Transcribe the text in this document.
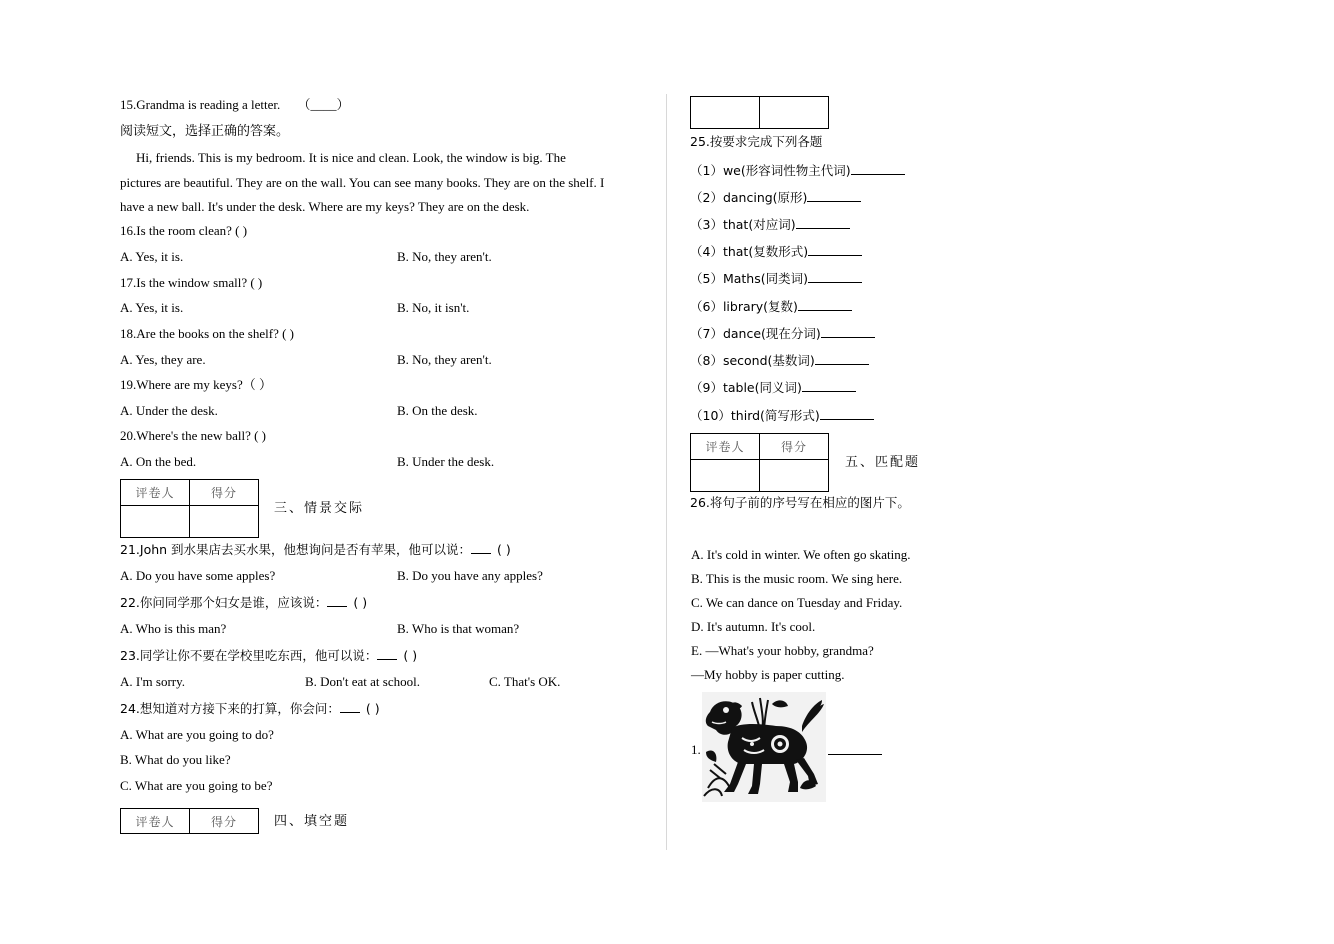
15.Grandma is reading a letter. （____）
阅读短文，选择正确的答案。
Hi, friends. This is my bedroom. It is nice and clean. Look, the window is big. The
pictures are beautiful. They are on the wall. You can see many books. They are on the shelf. I
have a new ball. It's under the desk. Where are my keys? They are on the desk.
16.Is the room clean? ( )
A. Yes, it is.	B. No, they aren't.
17.Is the window small? ( )
A. Yes, it is.	B. No, it isn't.
18.Are the books on the shelf? ( )
A. Yes, they are.	B. No, they aren't.
19.Where are my keys?（ ）
A. Under the desk.	B. On the desk.
20.Where's the new ball? ( )
A. On the bed.	B. Under the desk.
评卷人	得分

三、情景交际
21.John 到水果店去买水果，他想询问是否有苹果，他可以说： ( )
A. Do you have some apples?	B. Do you have any apples?
22.你问同学那个妇女是谁，应该说： ( )
A. Who is this man?	B. Who is that woman?
23.同学让你不要在学校里吃东西，他可以说： ( )
A. I'm sorry.	B. Don't eat at school.	C. That's OK.
24.想知道对方接下来的打算，你会问： ( )
A. What are you going to do?
B. What do you like?
C. What are you going to be?
评卷人	得分	四、填空题

25.按要求完成下列各题
（1）we(形容词性物主代词)
（2）dancing(原形)
（3）that(对应词)
（4）that(复数形式)
（5）Maths(同类词)
（6）library(复数)
（7）dance(现在分词)
（8）second(基数词)
（9）table(同义词)
（10）third(简写形式)
评卷人	得分

五、匹配题
26.将句子前的序号写在相应的图片下。
A. It's cold in winter. We often go skating.
B. This is the music room. We sing here.
C. We can dance on Tuesday and Friday.
D. It's autumn. It's cool.
E. —What's your hobby, grandma?
—My hobby is paper cutting.
1.
